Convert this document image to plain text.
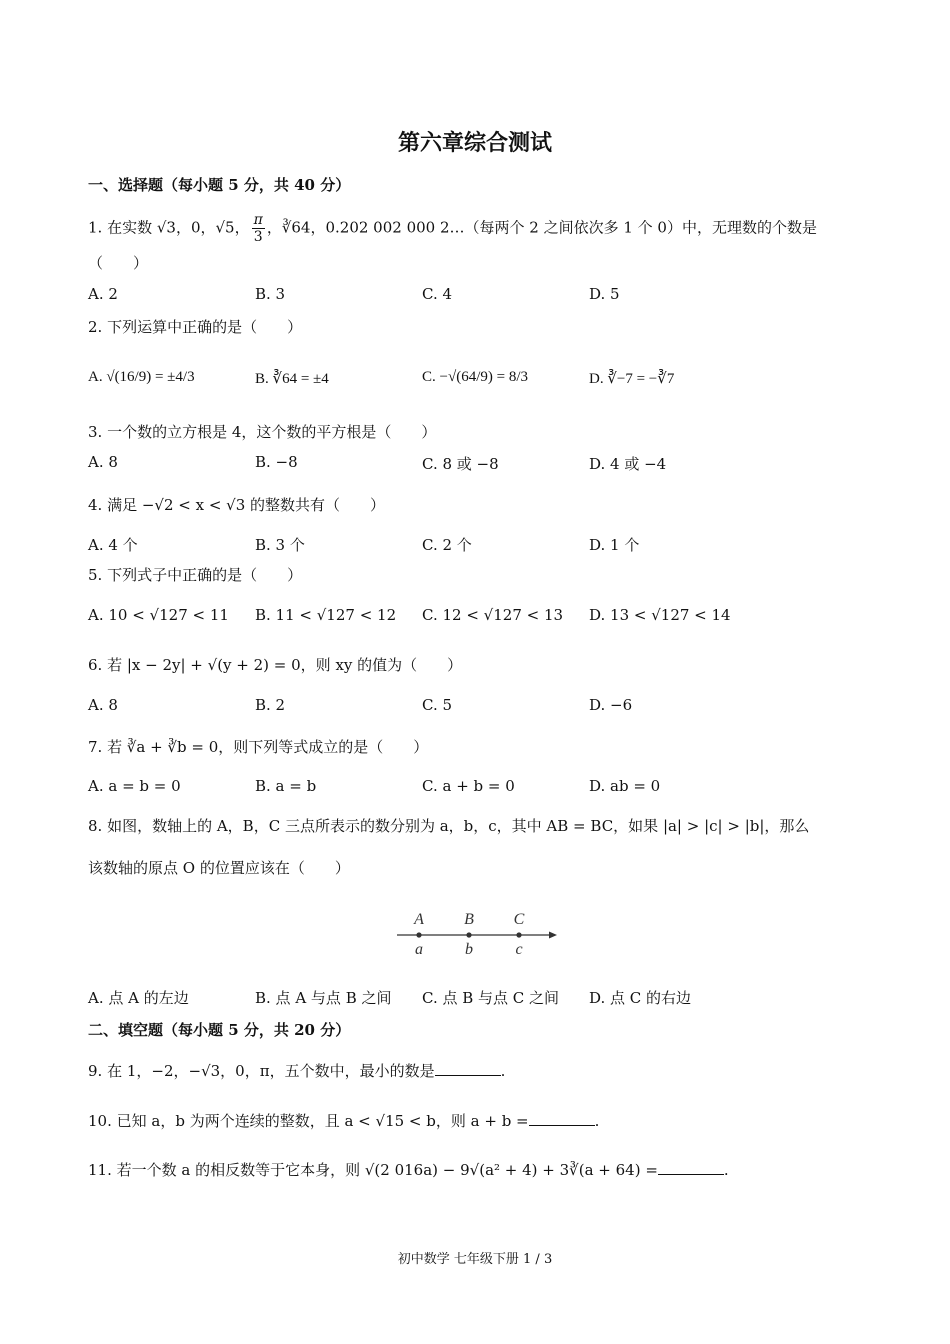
第六章综合测试
一、选择题（每小题 5 分，共 40 分）
1. 在实数 √3，0，√5， $\frac{\pi}{3}$ ，∛64，0.202 002 000 2…（每两个 2 之间依次多 1 个 0）中，无理数的个数是
（　　）
A. 2	B. 3	C. 4	D. 5
2. 下列运算中正确的是（　　）
A. √(16/9) = ±4/3	B. ∛64 = ±4	C. −√(64/9) = 8/3	D. ∛−7 = −∛7
3. 一个数的立方根是 4，这个数的平方根是（　　）
A. 8	B. −8	C. 8 或 −8	D. 4 或 −4
4. 满足 −√2 < x < √3 的整数共有（　　）
A. 4 个	B. 3 个	C. 2 个	D. 1 个
5. 下列式子中正确的是（　　）
A. 10 < √127 < 11	B. 11 < √127 < 12	C. 12 < √127 < 13	D. 13 < √127 < 14
6. 若 |x − 2y| + √(y + 2) = 0，则 xy 的值为（　　）
A. 8	B. 2	C. 5	D. −6
7. 若 ∛a + ∛b = 0，则下列等式成立的是（　　）
A. a = b = 0	B. a = b	C. a + b = 0	D. ab = 0
8. 如图，数轴上的 A，B，C 三点所表示的数分别为 a，b，c，其中 AB = BC，如果 |a| > |c| > |b|，那么
该数轴的原点 O 的位置应该在（　　）
A	B C
a	b	c
A. 点 A 的左边	B. 点 A 与点 B 之间	C. 点 B 与点 C 之间	D. 点 C 的右边
二、填空题（每小题 5 分，共 20 分）
9. 在 1，−2，−√3，0，π，五个数中，最小的数是	.
10. 已知 a，b 为两个连续的整数，且 a < √15 < b，则 a + b =	.
11. 若一个数 a 的相反数等于它本身，则 √(2 016a) − 9√(a² + 4) + 3∛(a + 64) =	.
初中数学 七年级下册 1 / 3
